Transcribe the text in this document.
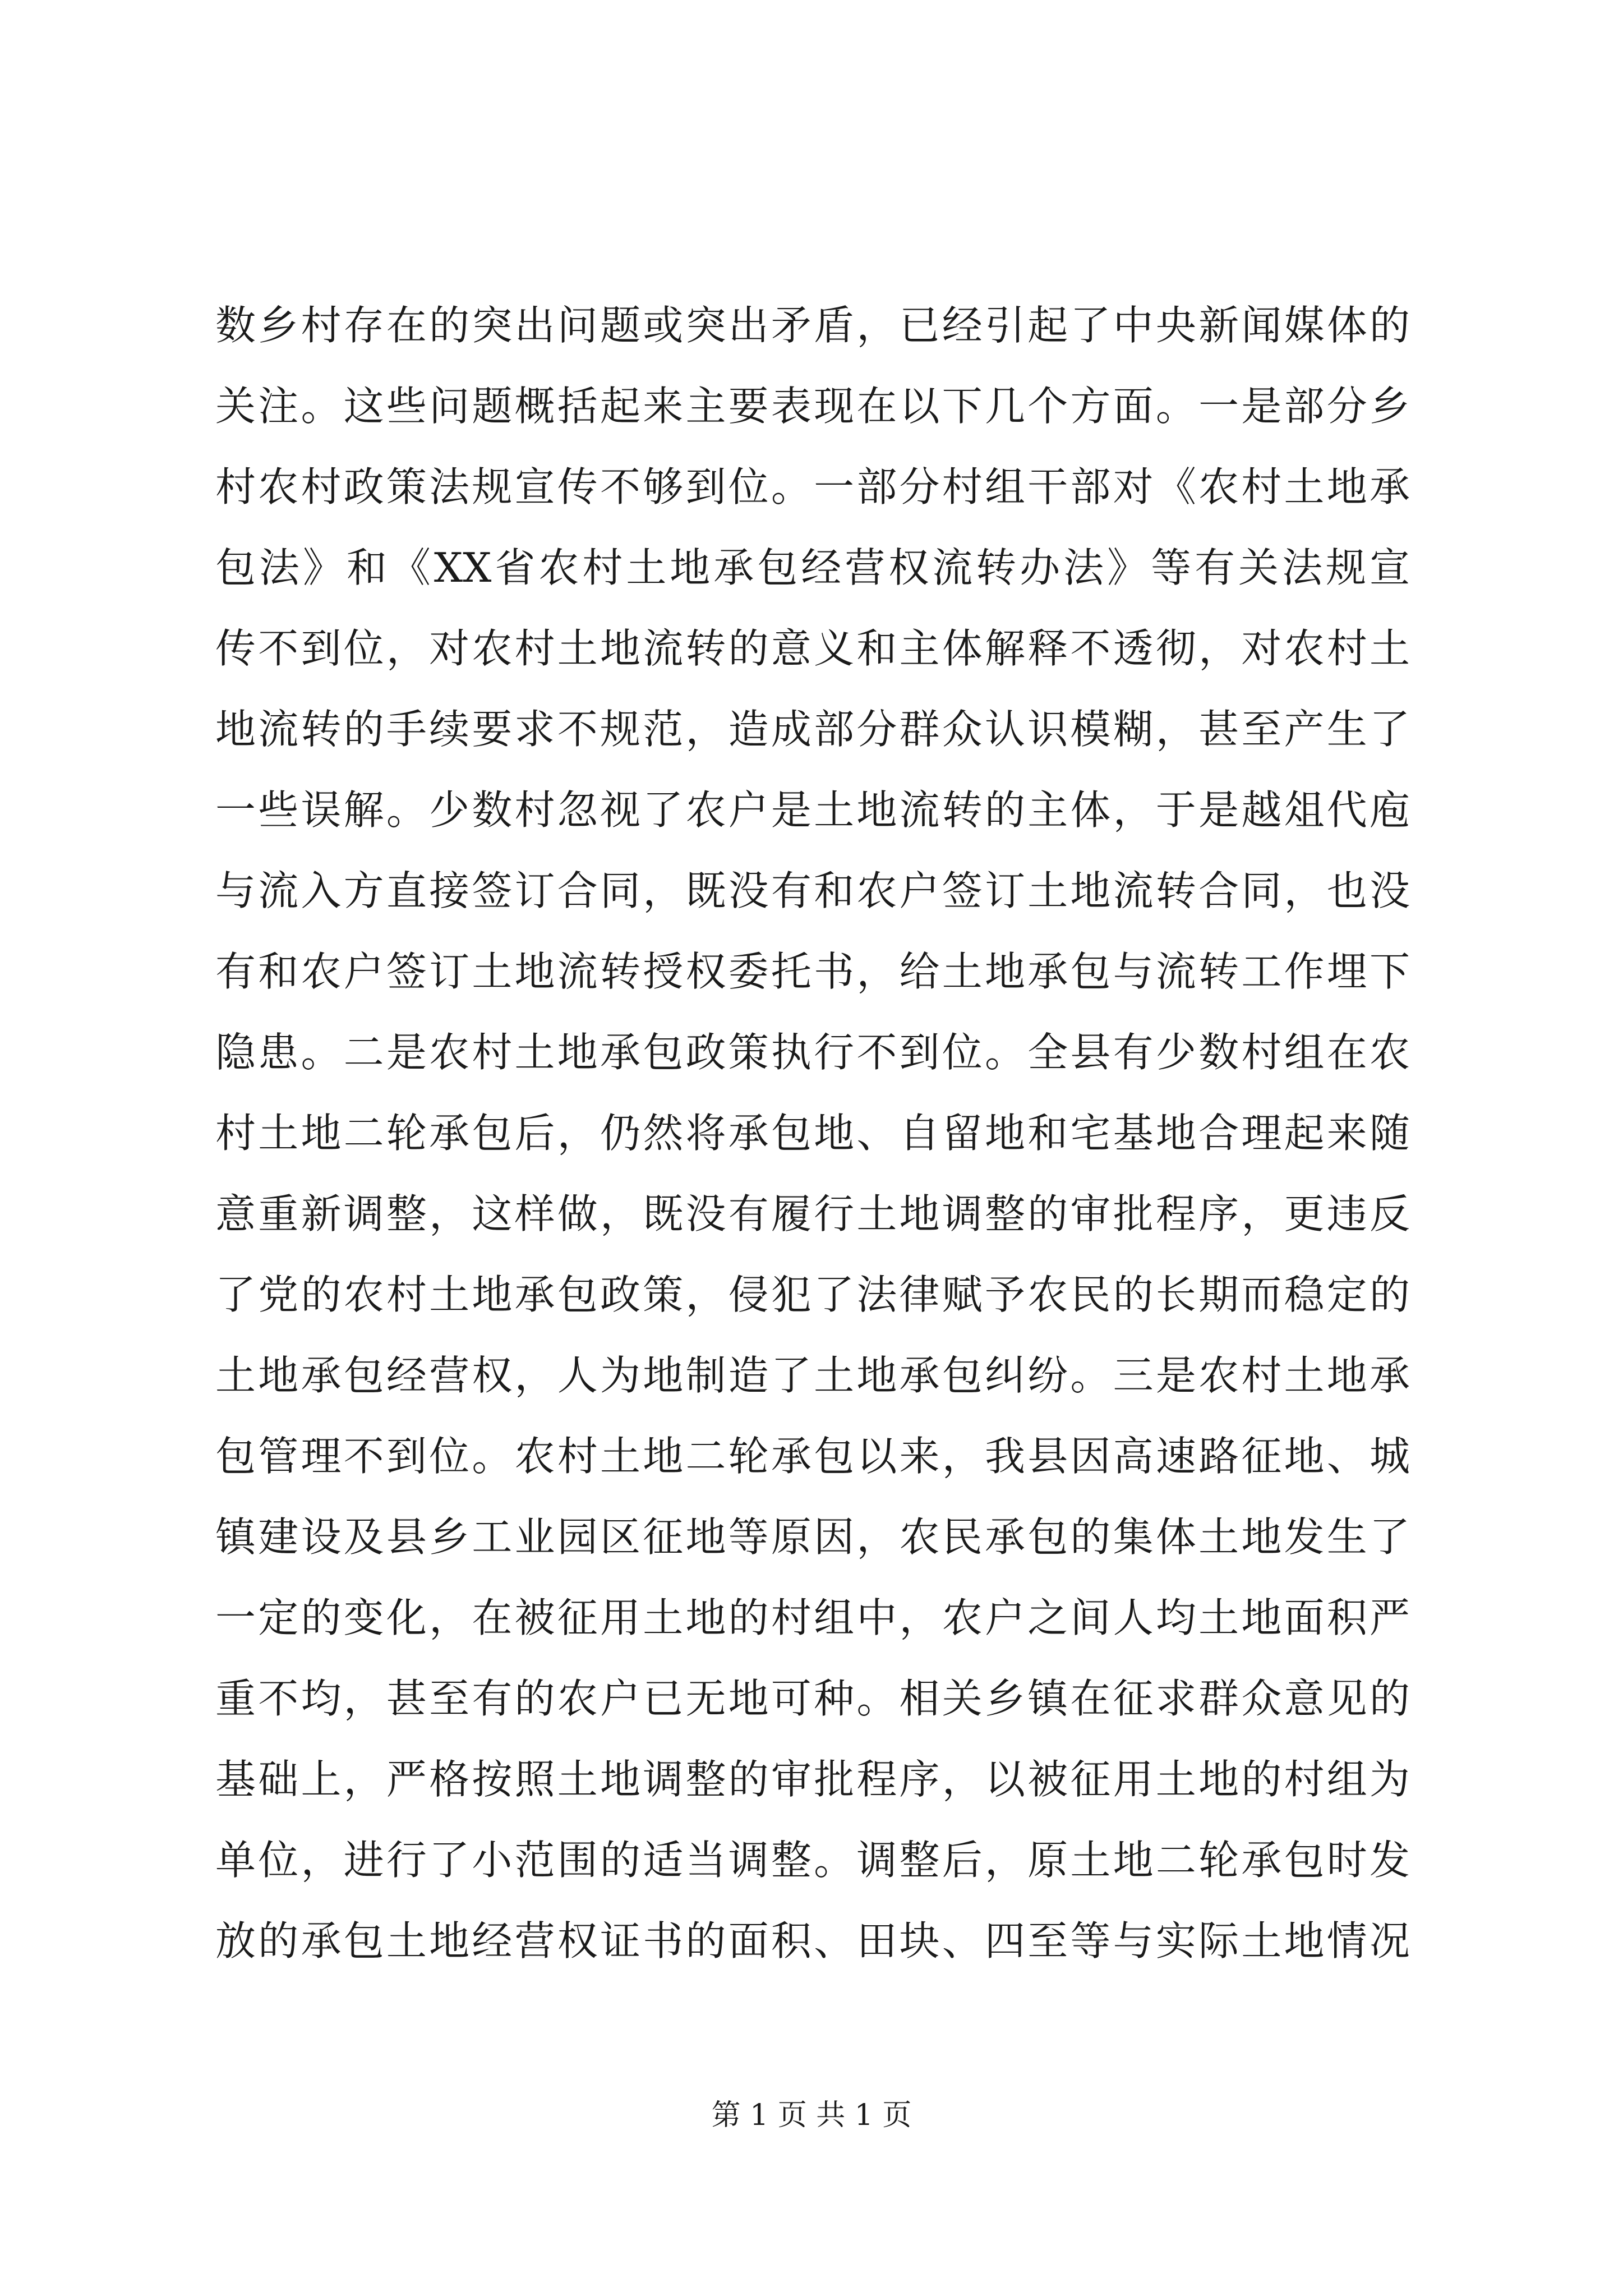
数乡村存在的突出问题或突出矛盾，已经引起了中央新闻媒体的
关注。这些问题概括起来主要表现在以下几个方面。一是部分乡
村农村政策法规宣传不够到位。一部分村组干部对《农村土地承
包法》和《XX省农村土地承包经营权流转办法》等有关法规宣
传不到位，对农村土地流转的意义和主体解释不透彻，对农村土
地流转的手续要求不规范，造成部分群众认识模糊，甚至产生了
一些误解。少数村忽视了农户是土地流转的主体，于是越俎代庖
与流入方直接签订合同，既没有和农户签订土地流转合同，也没
有和农户签订土地流转授权委托书，给土地承包与流转工作埋下
隐患。二是农村土地承包政策执行不到位。全县有少数村组在农
村土地二轮承包后，仍然将承包地、自留地和宅基地合理起来随
意重新调整，这样做，既没有履行土地调整的审批程序，更违反
了党的农村土地承包政策，侵犯了法律赋予农民的长期而稳定的
土地承包经营权，人为地制造了土地承包纠纷。三是农村土地承
包管理不到位。农村土地二轮承包以来，我县因高速路征地、城
镇建设及县乡工业园区征地等原因，农民承包的集体土地发生了
一定的变化，在被征用土地的村组中，农户之间人均土地面积严
重不均，甚至有的农户已无地可种。相关乡镇在征求群众意见的
基础上，严格按照土地调整的审批程序，以被征用土地的村组为
单位，进行了小范围的适当调整。调整后，原土地二轮承包时发
放的承包土地经营权证书的面积、田块、四至等与实际土地情况
第 1 页 共 1 页
